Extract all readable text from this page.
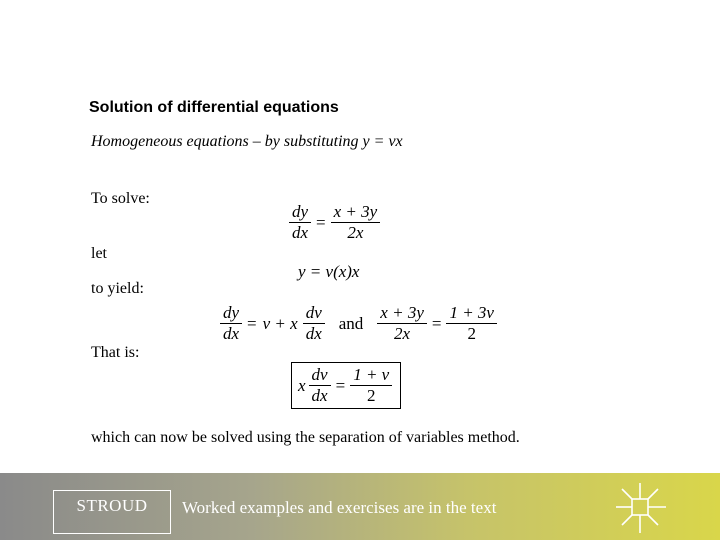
Solution of differential equations
Homogeneous equations – by substituting y = vx
To solve:
let
to yield:
That is:
which can now be solved using the separation of variables method.
$\frac{dy}{dx} = \frac{x + 3y}{2x}$
y = v(x)x
$\frac{dy}{dx} = v + x \frac{dv}{dx}$ and $\frac{x + 3y}{2x} = \frac{1 + 3v}{2}$
x $\frac{dv}{dx} = \frac{1 + v}{2}$
STROUD Worked examples and exercises are in the text
